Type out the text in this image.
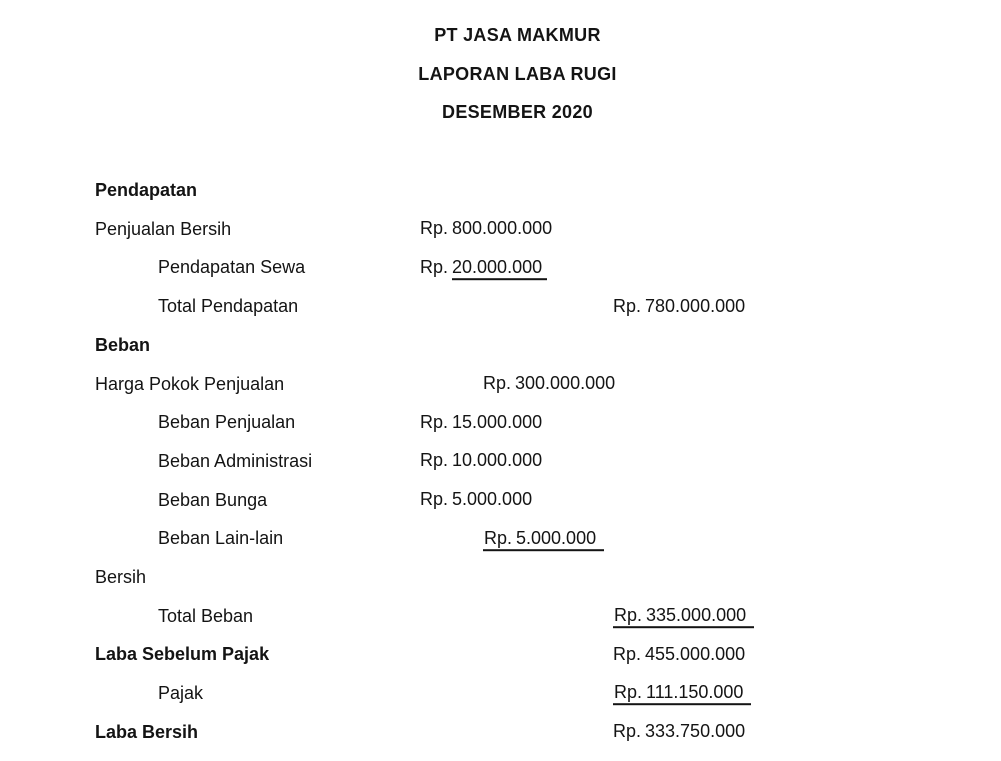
PT JASA MAKMUR
LAPORAN LABA RUGI
DESEMBER 2020
Pendapatan
Penjualan Bersih	Rp. 800.000.000
Pendapatan Sewa	Rp. 20.000.000
Total Pendapatan	Rp. 780.000.000
Beban
Harga Pokok Penjualan	Rp. 300.000.000
Beban Penjualan	Rp. 15.000.000
Beban Administrasi	Rp. 10.000.000
Beban Bunga	Rp. 5.000.000
Beban Lain-lain	Rp. 5.000.000
Bersih
Total Beban	Rp. 335.000.000
Laba Sebelum Pajak	Rp. 455.000.000
Pajak	Rp. 111.150.000
Laba Bersih	Rp. 333.750.000
